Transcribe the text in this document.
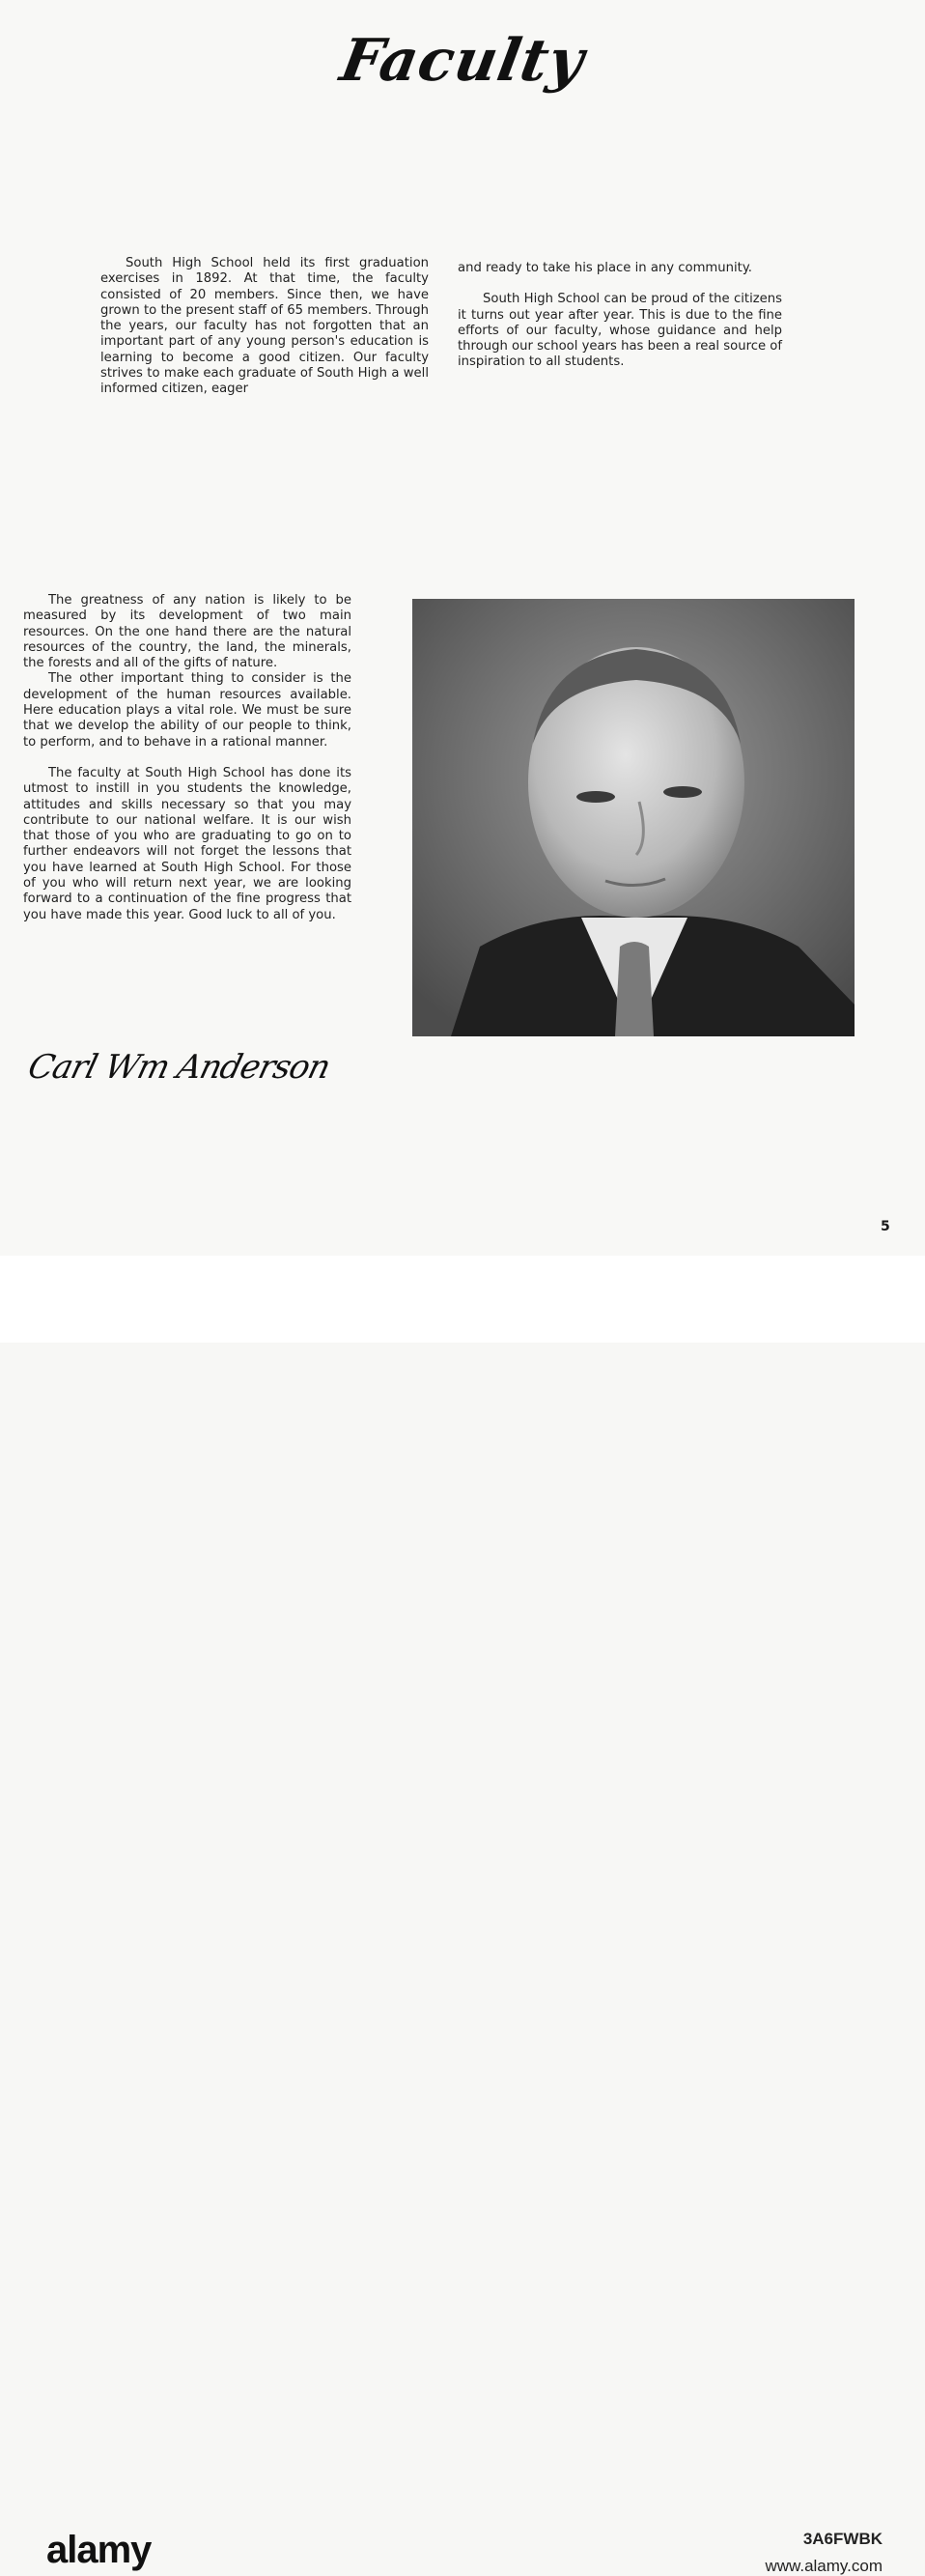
Faculty

South High School held its first graduation exercises in 1892. At that time, the faculty consisted of 20 members. Since then, we have grown to the present staff of 65 members. Through the years, our faculty has not forgotten that an important part of any young person's education is learning to become a good citizen. Our faculty strives to make each graduate of South High a well informed citizen, eager

and ready to take his place in any community.

South High School can be proud of the citizens it turns out year after year. This is due to the fine efforts of our faculty, whose guidance and help through our school years has been a real source of inspiration to all students.

The greatness of any nation is likely to be measured by its development of two main resources. On the one hand there are the natural resources of the country, the land, the minerals, the forests and all of the gifts of nature.

The other important thing to consider is the development of the human resources available. Here education plays a vital role. We must be sure that we develop the ability of our people to think, to perform, and to behave in a rational manner.

The faculty at South High School has done its utmost to instill in you students the knowledge, attitudes and skills necessary so that you may contribute to our national welfare. It is our wish that those of you who are graduating to go on to further endeavors will not forget the lessons that you have learned at South High School. For those of you who will return next year, we are looking forward to a continuation of the fine progress that you have made this year. Good luck to all of you.

Carl Wm Anderson
5
alamy	3A6FWBK
www.alamy.com
